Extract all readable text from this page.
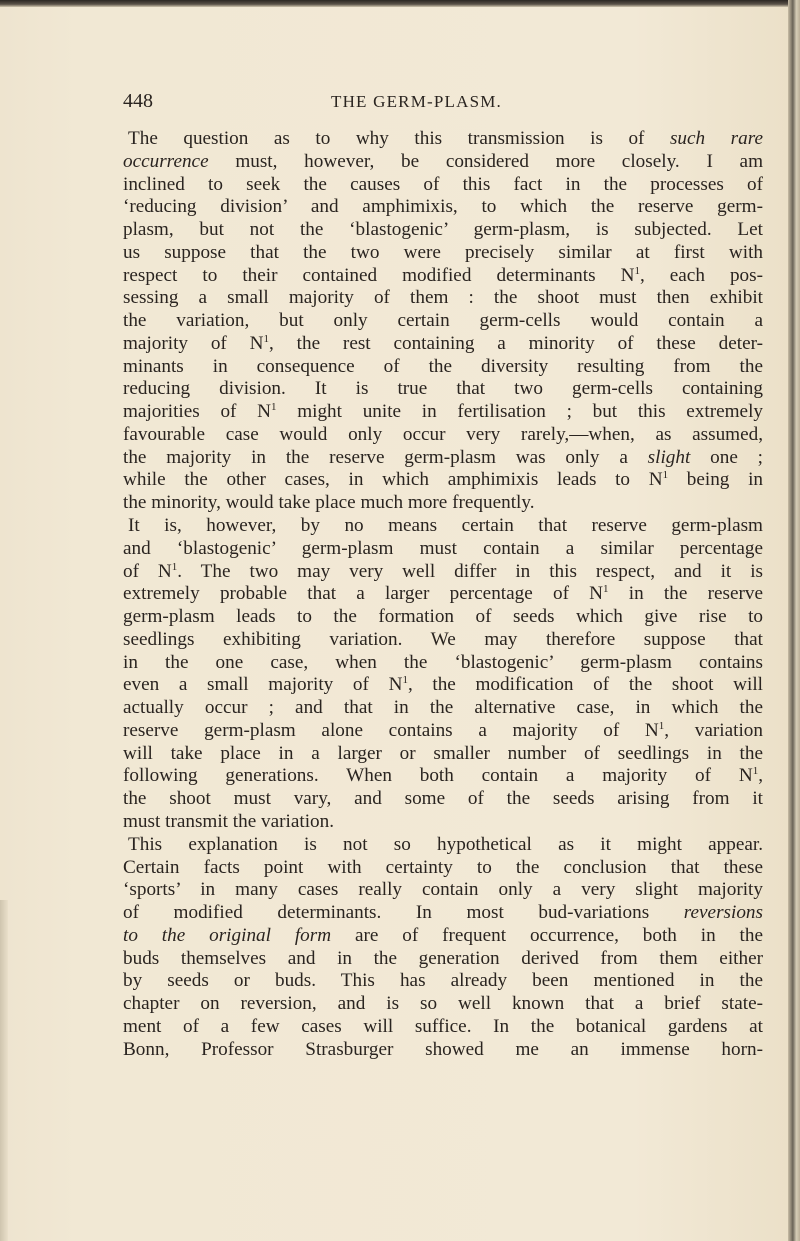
448	THE GERM-PLASM.
The question as to why this transmission is of such rare
occurrence must, however, be considered more closely. I am
inclined to seek the causes of this fact in the processes of
‘reducing division’ and amphimixis, to which the reserve germ-
plasm, but not the ‘blastogenic’ germ-plasm, is subjected. Let
us suppose that the two were precisely similar at first with
respect to their contained modified determinants $N^1$, each pos-
sessing a small majority of them : the shoot must then exhibit
the variation, but only certain germ-cells would contain a
majority of $N^1$, the rest containing a minority of these deter-
minants in consequence of the diversity resulting from the
reducing division. It is true that two germ-cells containing
majorities of $N^1$ might unite in fertilisation ; but this extremely
favourable case would only occur very rarely,—when, as assumed,
the majority in the reserve germ-plasm was only a slight one ;
while the other cases, in which amphimixis leads to $N^1$ being in
the minority, would take place much more frequently.
It is, however, by no means certain that reserve germ-plasm
and ‘blastogenic’ germ-plasm must contain a similar percentage
of $N^1$. The two may very well differ in this respect, and it is
extremely probable that a larger percentage of $N^1$ in the reserve
germ-plasm leads to the formation of seeds which give rise to
seedlings exhibiting variation. We may therefore suppose that
in the one case, when the ‘blastogenic’ germ-plasm contains
even a small majority of $N^1$, the modification of the shoot will
actually occur ; and that in the alternative case, in which the
reserve germ-plasm alone contains a majority of $N^1$, variation
will take place in a larger or smaller number of seedlings in the
following generations. When both contain a majority of $N^1$,
the shoot must vary, and some of the seeds arising from it
must transmit the variation.
This explanation is not so hypothetical as it might appear.
Certain facts point with certainty to the conclusion that these
‘sports’ in many cases really contain only a very slight majority
of modified determinants. In most bud-variations reversions
to the original form are of frequent occurrence, both in the
buds themselves and in the generation derived from them either
by seeds or buds. This has already been mentioned in the
chapter on reversion, and is so well known that a brief state-
ment of a few cases will suffice. In the botanical gardens at
Bonn, Professor Strasburger showed me an immense horn-
